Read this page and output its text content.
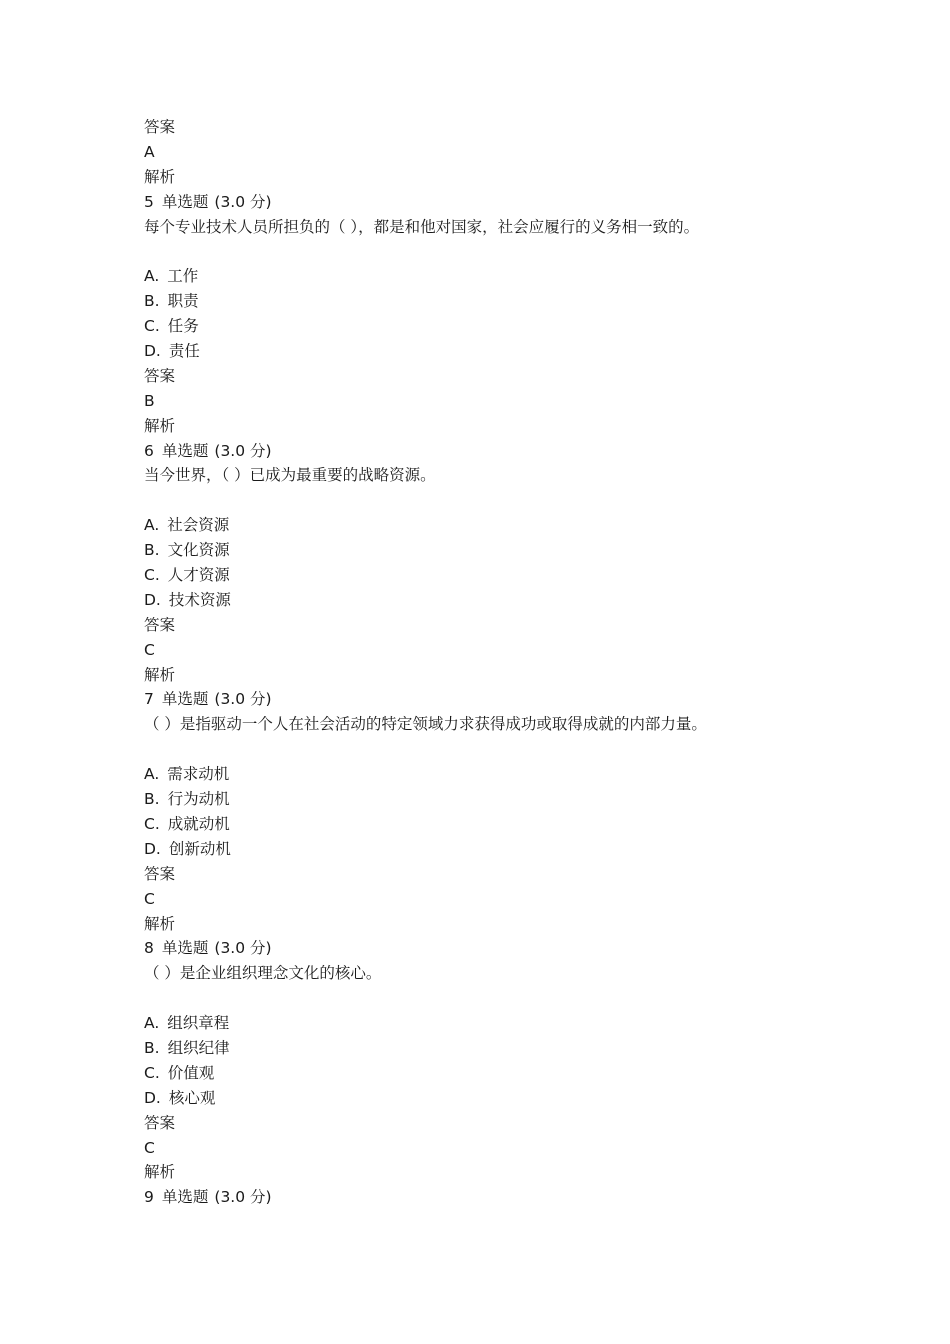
答案
A
解析
5 单选题 (3.0 分)
每个专业技术人员所担负的（ ），都是和他对国家，社会应履行的义务相一致的。
A. 工作
B. 职责
C. 任务
D. 责任
答案
B
解析
6 单选题 (3.0 分)
当今世界，（ ）已成为最重要的战略资源。
A. 社会资源
B. 文化资源
C. 人才资源
D. 技术资源
答案
C
解析
7 单选题 (3.0 分)
（ ）是指驱动一个人在社会活动的特定领域力求获得成功或取得成就的内部力量。
A. 需求动机
B. 行为动机
C. 成就动机
D. 创新动机
答案
C
解析
8 单选题 (3.0 分)
（ ）是企业组织理念文化的核心。
A. 组织章程
B. 组织纪律
C. 价值观
D. 核心观
答案
C
解析
9 单选题 (3.0 分)
